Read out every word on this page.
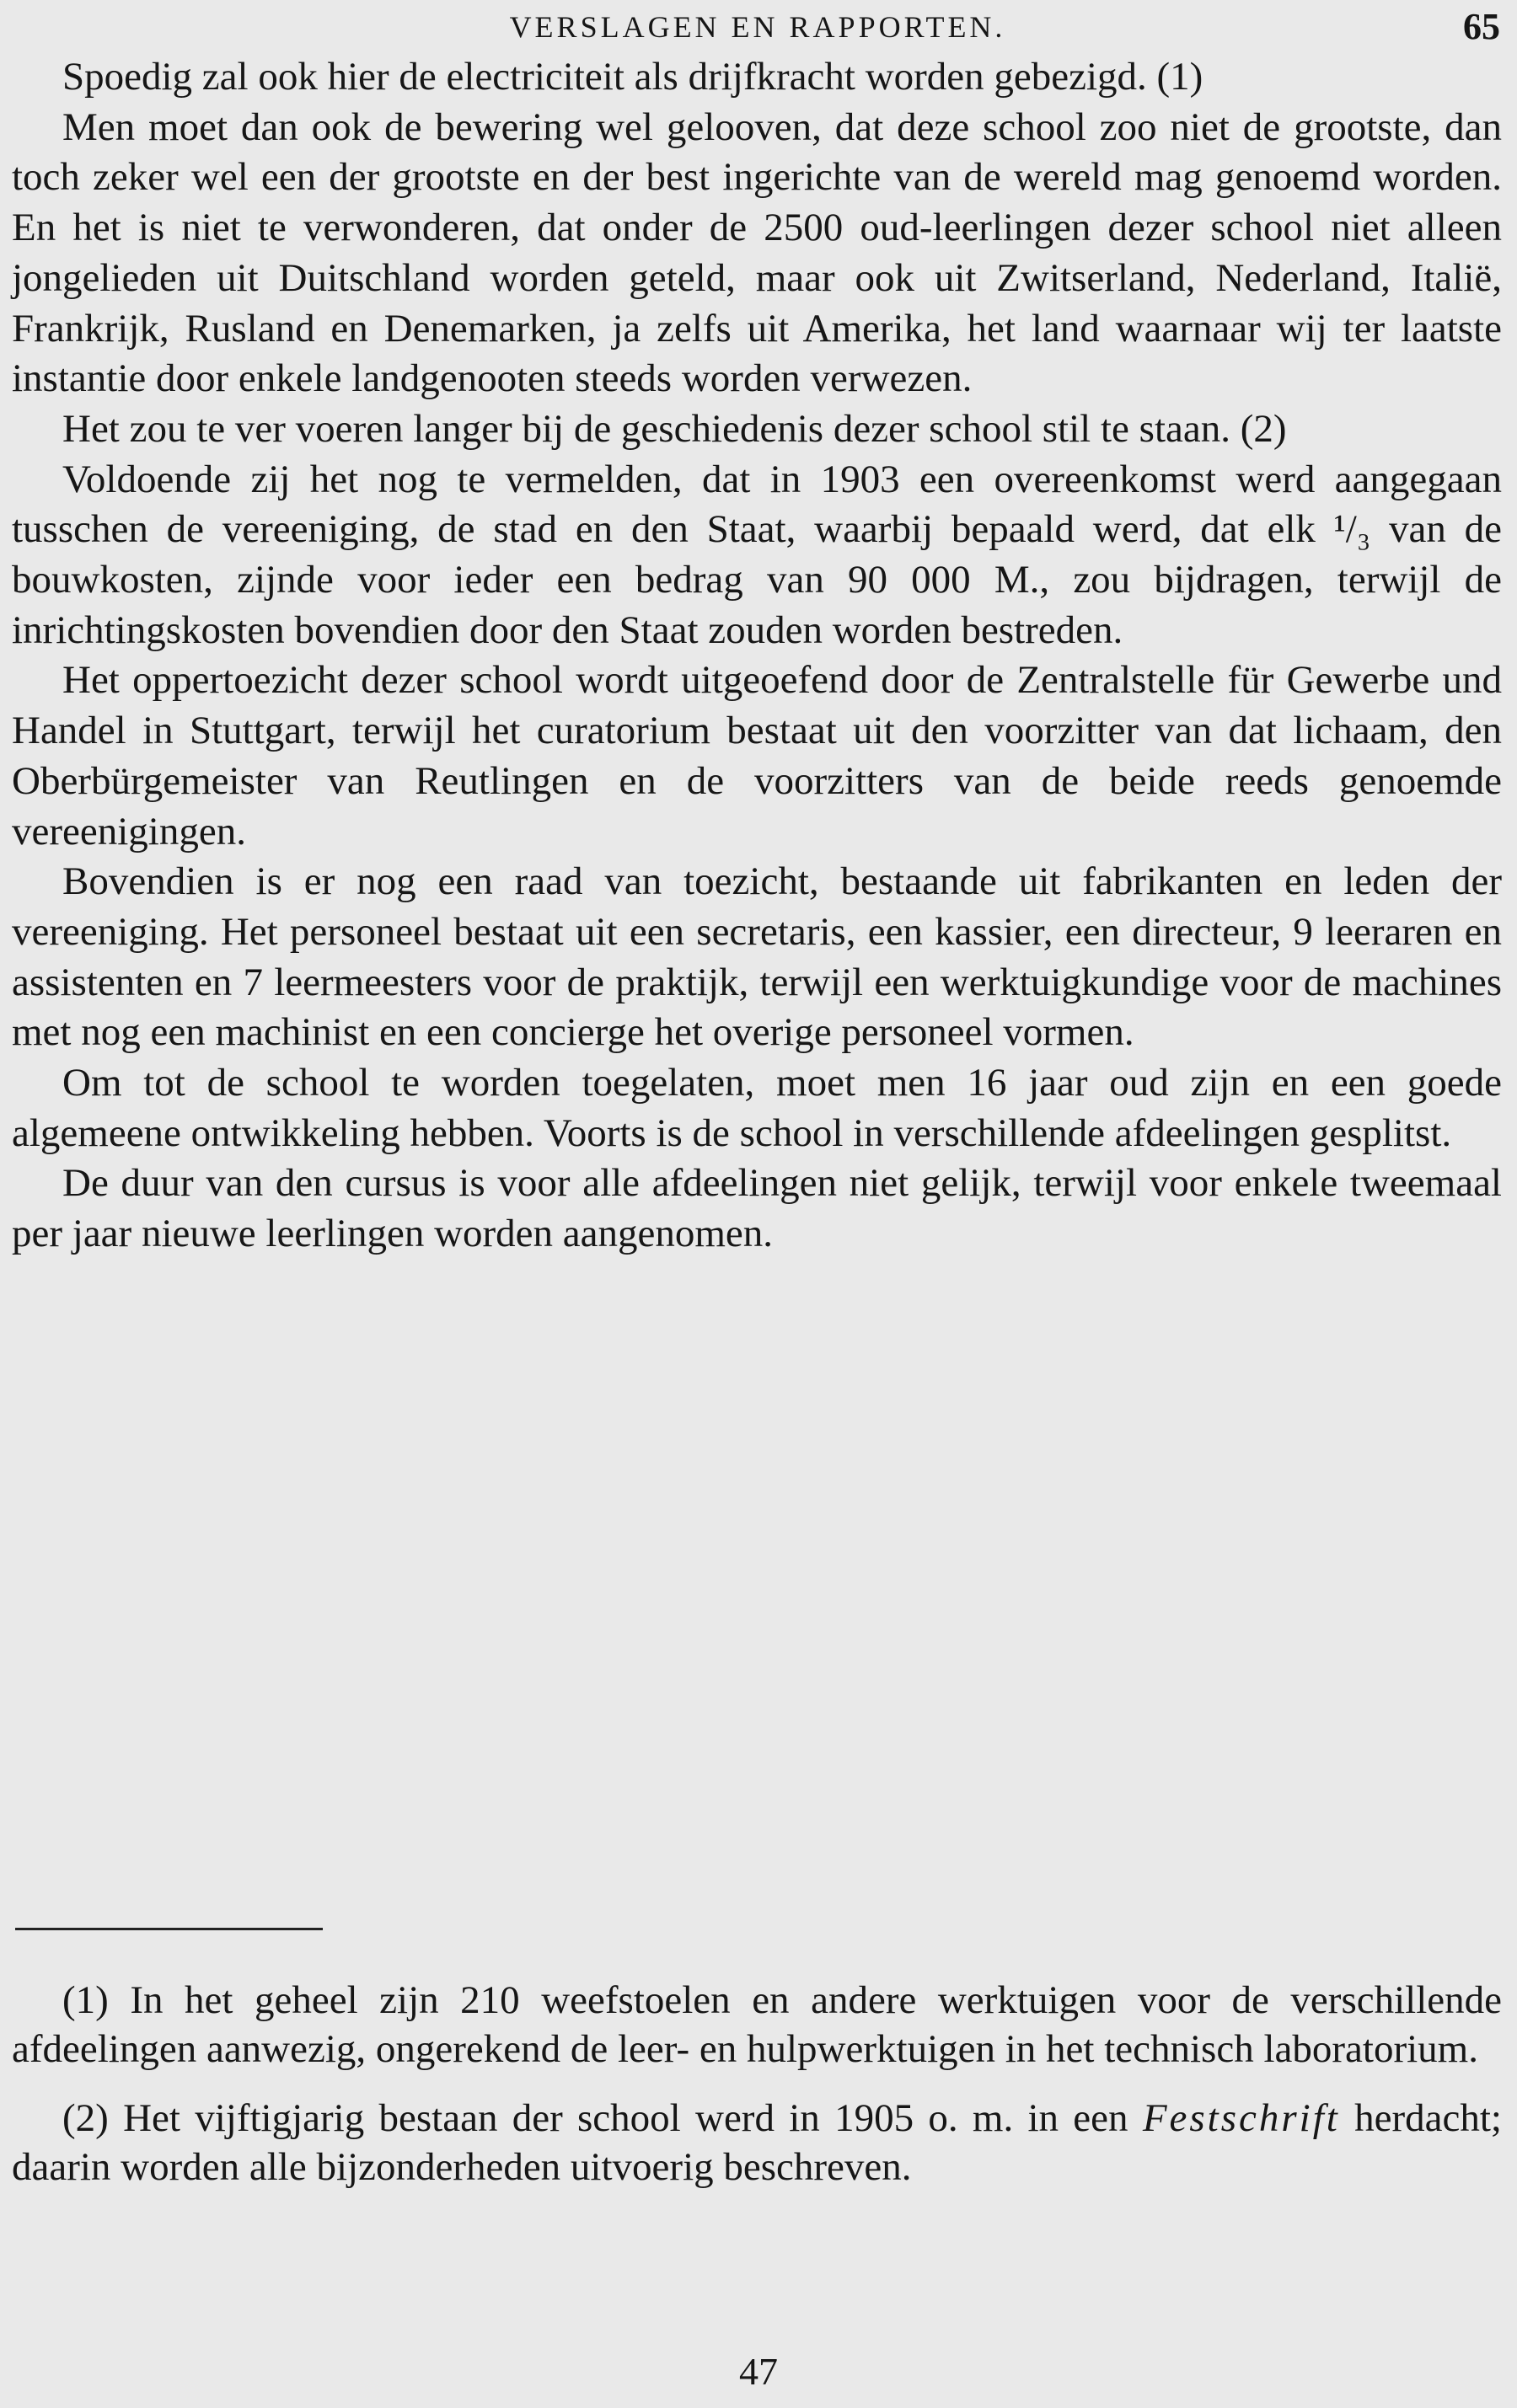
VERSLAGEN EN RAPPORTEN.	65

Spoedig zal ook hier de electriciteit als drijfkracht worden gebezigd. (1)

Men moet dan ook de bewering wel gelooven, dat deze school zoo niet de grootste, dan toch zeker wel een der grootste en der best ingerichte van de wereld mag genoemd worden. En het is niet te verwonderen, dat onder de 2500 oud-leerlingen dezer school niet alleen jongelieden uit Duitschland worden geteld, maar ook uit Zwitserland, Nederland, Italië, Frankrijk, Rusland en Denemarken, ja zelfs uit Amerika, het land waarnaar wij ter laatste instantie door enkele landgenooten steeds worden verwezen.

Het zou te ver voeren langer bij de geschiedenis dezer school stil te staan. (2)

Voldoende zij het nog te vermelden, dat in 1903 een overeenkomst werd aangegaan tusschen de vereeniging, de stad en den Staat, waarbij bepaald werd, dat elk ¹/₃ van de bouwkosten, zijnde voor ieder een bedrag van 90 000 M., zou bijdragen, terwijl de inrichtingskosten bovendien door den Staat zouden worden bestreden.

Het oppertoezicht dezer school wordt uitgeoefend door de Zentralstelle für Gewerbe und Handel in Stuttgart, terwijl het curatorium bestaat uit den voorzitter van dat lichaam, den Oberbürgemeister van Reutlingen en de voorzitters van de beide reeds genoemde vereenigingen.

Bovendien is er nog een raad van toezicht, bestaande uit fabrikanten en leden der vereeniging. Het personeel bestaat uit een secretaris, een kassier, een directeur, 9 leeraren en assistenten en 7 leermeesters voor de praktijk, terwijl een werktuigkundige voor de machines met nog een machinist en een concierge het overige personeel vormen.

Om tot de school te worden toegelaten, moet men 16 jaar oud zijn en een goede algemeene ontwikkeling hebben. Voorts is de school in verschillende afdeelingen gesplitst.

De duur van den cursus is voor alle afdeelingen niet gelijk, terwijl voor enkele tweemaal per jaar nieuwe leerlingen worden aangenomen.

(1) In het geheel zijn 210 weefstoelen en andere werktuigen voor de verschillende afdeelingen aanwezig, ongerekend de leer- en hulpwerktuigen in het technisch laboratorium.

(2) Het vijftigjarig bestaan der school werd in 1905 o. m. in een Festschrift herdacht; daarin worden alle bijzonderheden uitvoerig beschreven.

47
